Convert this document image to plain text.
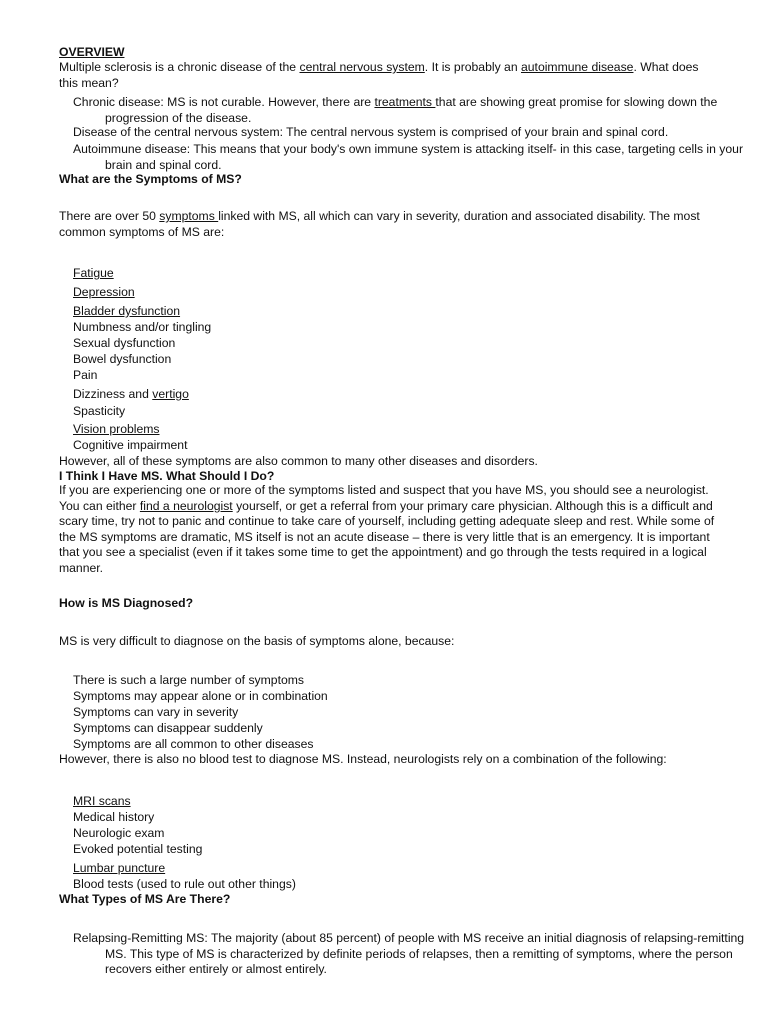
OVERVIEW

Multiple sclerosis is a chronic disease of the central nervous system. It is probably an autoimmune disease. What does this mean?

Chronic disease: MS is not curable. However, there are treatments that are showing great promise for slowing down the progression of the disease.

Disease of the central nervous system: The central nervous system is comprised of your brain and spinal cord.

Autoimmune disease: This means that your body's own immune system is attacking itself- in this case, targeting cells in your brain and spinal cord.

What are the Symptoms of MS?

There are over 50 symptoms linked with MS, all which can vary in severity, duration and associated disability. The most common symptoms of MS are:

Fatigue

Depression

Bladder dysfunction

Numbness and/or tingling

Sexual dysfunction

Bowel dysfunction

Pain

Dizziness and vertigo

Spasticity

Vision problems

Cognitive impairment

However, all of these symptoms are also common to many other diseases and disorders.

I Think I Have MS. What Should I Do?

If you are experiencing one or more of the symptoms listed and suspect that you have MS, you should see a neurologist. You can either find a neurologist yourself, or get a referral from your primary care physician. Although this is a difficult and scary time, try not to panic and continue to take care of yourself, including getting adequate sleep and rest. While some of the MS symptoms are dramatic, MS itself is not an acute disease – there is very little that is an emergency. It is important that you see a specialist (even if it takes some time to get the appointment) and go through the tests required in a logical manner.

How is MS Diagnosed?

MS is very difficult to diagnose on the basis of symptoms alone, because:

There is such a large number of symptoms

Symptoms may appear alone or in combination

Symptoms can vary in severity

Symptoms can disappear suddenly

Symptoms are all common to other diseases

However, there is also no blood test to diagnose MS. Instead, neurologists rely on a combination of the following:

MRI scans

Medical history

Neurologic exam

Evoked potential testing

Lumbar puncture

Blood tests (used to rule out other things)

What Types of MS Are There?

Relapsing-Remitting MS: The majority (about 85 percent) of people with MS receive an initial diagnosis of relapsing-remitting MS. This type of MS is characterized by definite periods of relapses, then a remitting of symptoms, where the person recovers either entirely or almost entirely.
